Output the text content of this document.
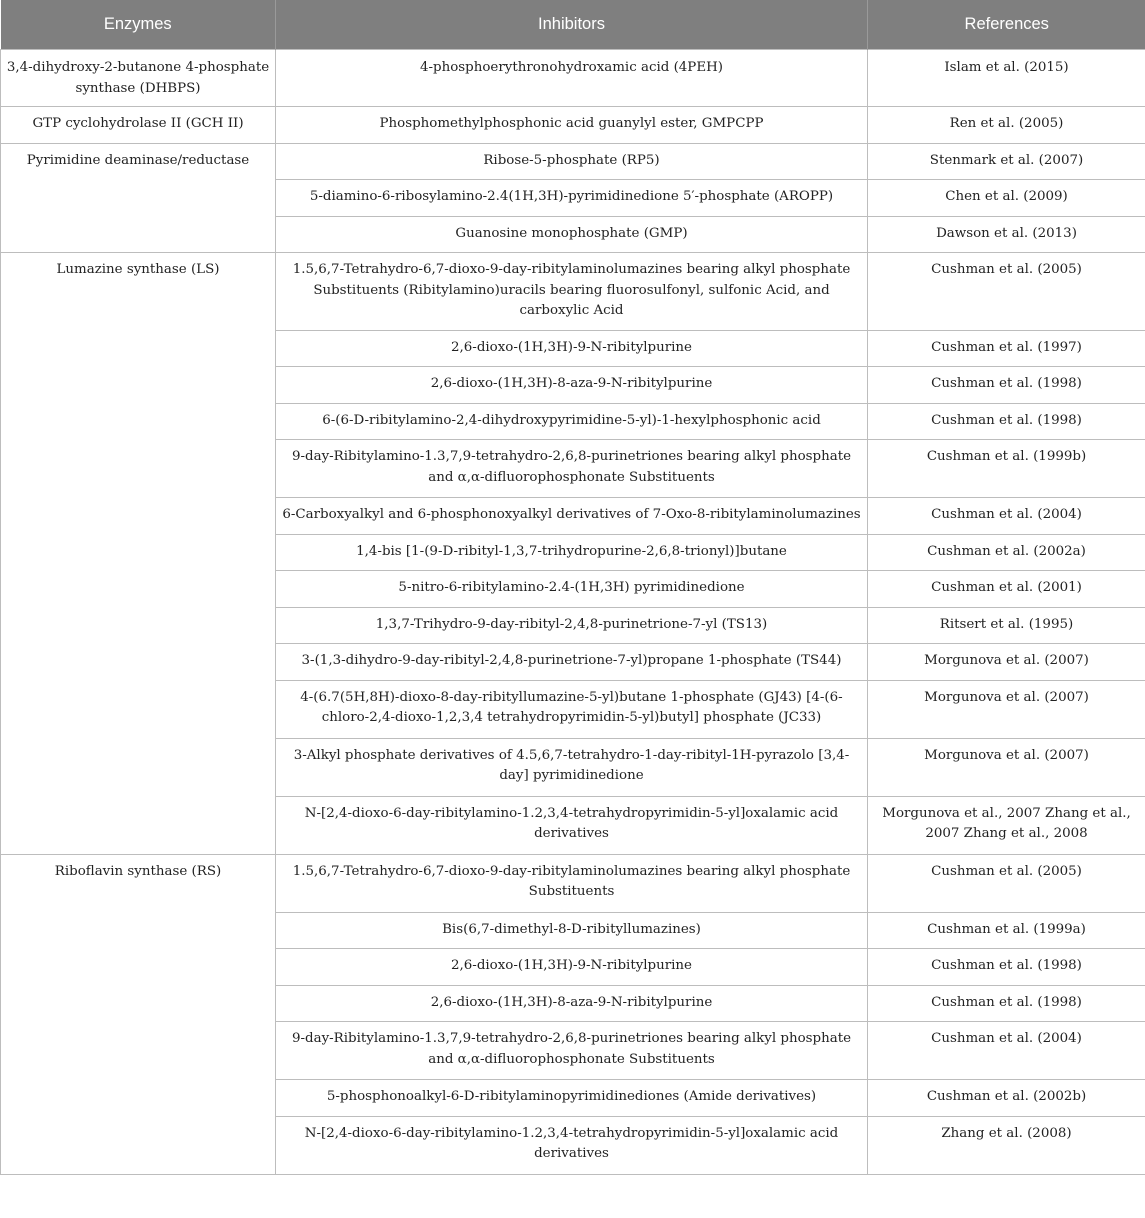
Enzymes	Inhibitors	References
3,4-dihydroxy-2-butanone 4-phosphate synthase (DHBPS)	4-phosphoerythronohydroxamic acid (4PEH)	Islam et al. (2015)
GTP cyclohydrolase II (GCH II)	Phosphomethylphosphonic acid guanylyl ester, GMPCPP	Ren et al. (2005)
Pyrimidine deaminase/reductase	Ribose-5-phosphate (RP5)	Stenmark et al. (2007)
	5-diamino-6-ribosylamino-2.4(1H,3H)-pyrimidinedione 5′-phosphate (AROPP)	Chen et al. (2009)
	Guanosine monophosphate (GMP)	Dawson et al. (2013)
Lumazine synthase (LS)	1.5,6,7-Tetrahydro-6,7-dioxo-9-day-ribitylaminolumazines bearing alkyl phosphate Substituents (Ribitylamino)uracils bearing fluorosulfonyl, sulfonic Acid, and carboxylic Acid	Cushman et al. (2005)
	2,6-dioxo-(1H,3H)-9-N-ribitylpurine	Cushman et al. (1997)
	2,6-dioxo-(1H,3H)-8-aza-9-N-ribitylpurine	Cushman et al. (1998)
	6-(6-D-ribitylamino-2,4-dihydroxypyrimidine-5-yl)-1-hexylphosphonic acid	Cushman et al. (1998)
	9-day-Ribitylamino-1.3,7,9-tetrahydro-2,6,8-purinetriones bearing alkyl phosphate and α,α-difluorophosphonate Substituents	Cushman et al. (1999b)
	6-Carboxyalkyl and 6-phosphonoxyalkyl derivatives of 7-Oxo-8-ribitylaminolumazines	Cushman et al. (2004)
	1,4-bis [1-(9-D-ribityl-1,3,7-trihydropurine-2,6,8-trionyl)]butane	Cushman et al. (2002a)
	5-nitro-6-ribitylamino-2.4-(1H,3H) pyrimidinedione	Cushman et al. (2001)
	1,3,7-Trihydro-9-day-ribityl-2,4,8-purinetrione-7-yl (TS13)	Ritsert et al. (1995)
	3-(1,3-dihydro-9-day-ribityl-2,4,8-purinetrione-7-yl)propane 1-phosphate (TS44)	Morgunova et al. (2007)
	4-(6.7(5H,8H)-dioxo-8-day-ribityllumazine-5-yl)butane 1-phosphate (GJ43) [4-(6-chloro-2,4-dioxo-1,2,3,4 tetrahydropyrimidin-5-yl)butyl] phosphate (JC33)	Morgunova et al. (2007)
	3-Alkyl phosphate derivatives of 4.5,6,7-tetrahydro-1-day-ribityl-1H-pyrazolo [3,4-day] pyrimidinedione	Morgunova et al. (2007)
	N-[2,4-dioxo-6-day-ribitylamino-1.2,3,4-tetrahydropyrimidin-5-yl]oxalamic acid derivatives	Morgunova et al., 2007 Zhang et al., 2007 Zhang et al., 2008
Riboflavin synthase (RS)	1.5,6,7-Tetrahydro-6,7-dioxo-9-day-ribitylaminolumazines bearing alkyl phosphate Substituents	Cushman et al. (2005)
	Bis(6,7-dimethyl-8-D-ribityllumazines)	Cushman et al. (1999a)
	2,6-dioxo-(1H,3H)-9-N-ribitylpurine	Cushman et al. (1998)
	2,6-dioxo-(1H,3H)-8-aza-9-N-ribitylpurine	Cushman et al. (1998)
	9-day-Ribitylamino-1.3,7,9-tetrahydro-2,6,8-purinetriones bearing alkyl phosphate and α,α-difluorophosphonate Substituents	Cushman et al. (2004)
	5-phosphonoalkyl-6-D-ribitylaminopyrimidinediones (Amide derivatives)	Cushman et al. (2002b)
	N-[2,4-dioxo-6-day-ribitylamino-1.2,3,4-tetrahydropyrimidin-5-yl]oxalamic acid derivatives	Zhang et al. (2008)
